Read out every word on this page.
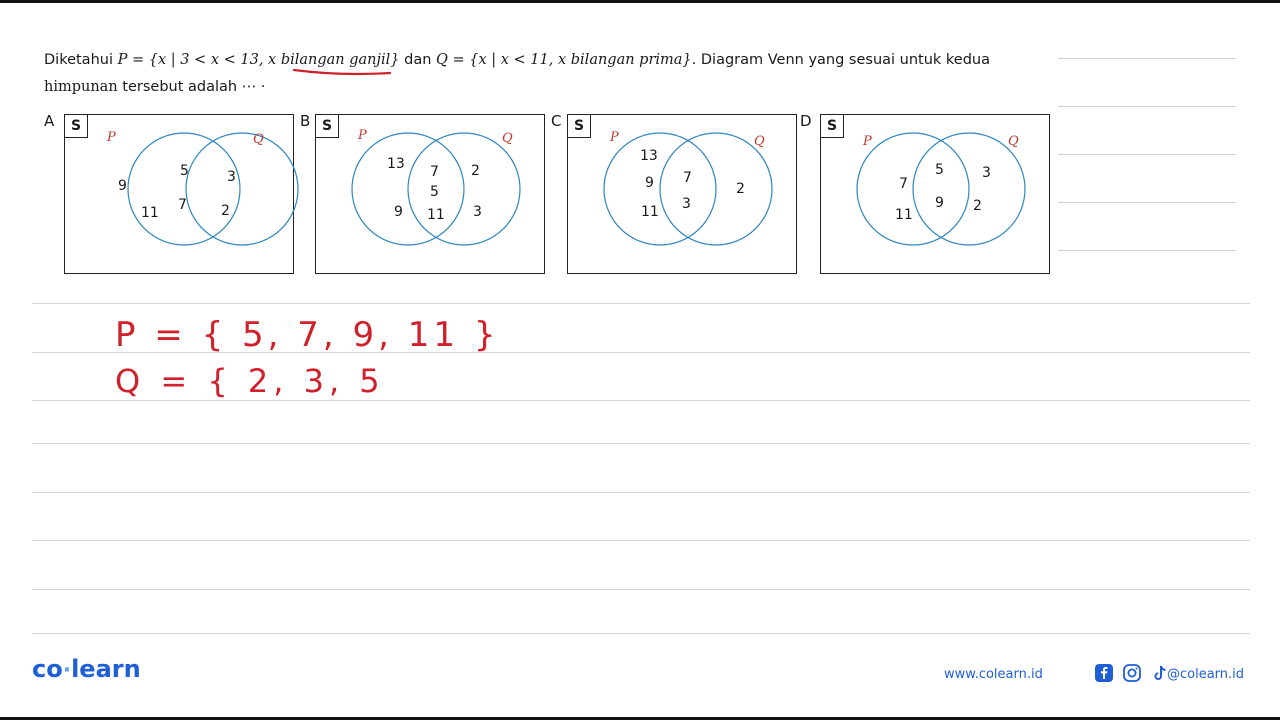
Diketahui P = {x | 3 < x < 13, x bilangan ganjil} dan Q = {x | x < 11, x bilangan prima}. Diagram Venn yang sesuai untuk kedua
himpunan tersebut adalah ⋯ ·
A	B	C	D
S
P	Q
9
11
5
7
3
2
S
P	Q
13
9
7
5
11
2
3
S
P	Q
13
9
11
7
3
2
S
P	Q
7
11
5
9
3
2
P = { 5, 7, 9, 11 }
Q = { 2, 3, 5
co·learn	www.colearn.id	@colearn.id
